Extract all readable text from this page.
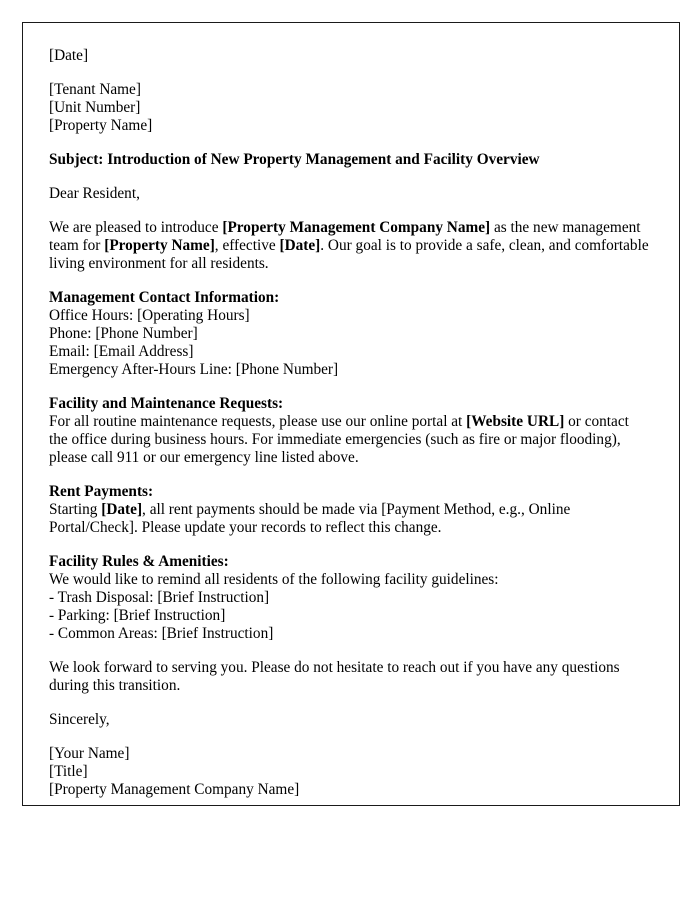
[Date]
[Tenant Name]
[Unit Number]
[Property Name]
Subject: Introduction of New Property Management and Facility Overview
Dear Resident,
We are pleased to introduce [Property Management Company Name] as the new management team for [Property Name], effective [Date]. Our goal is to provide a safe, clean, and comfortable living environment for all residents.
Management Contact Information:
Office Hours: [Operating Hours]
Phone: [Phone Number]
Email: [Email Address]
Emergency After-Hours Line: [Phone Number]
Facility and Maintenance Requests:
For all routine maintenance requests, please use our online portal at [Website URL] or contact the office during business hours. For immediate emergencies (such as fire or major flooding), please call 911 or our emergency line listed above.
Rent Payments:
Starting [Date], all rent payments should be made via [Payment Method, e.g., Online Portal/Check]. Please update your records to reflect this change.
Facility Rules & Amenities:
We would like to remind all residents of the following facility guidelines:
- Trash Disposal: [Brief Instruction]
- Parking: [Brief Instruction]
- Common Areas: [Brief Instruction]
We look forward to serving you. Please do not hesitate to reach out if you have any questions during this transition.
Sincerely,
[Your Name]
[Title]
[Property Management Company Name]
